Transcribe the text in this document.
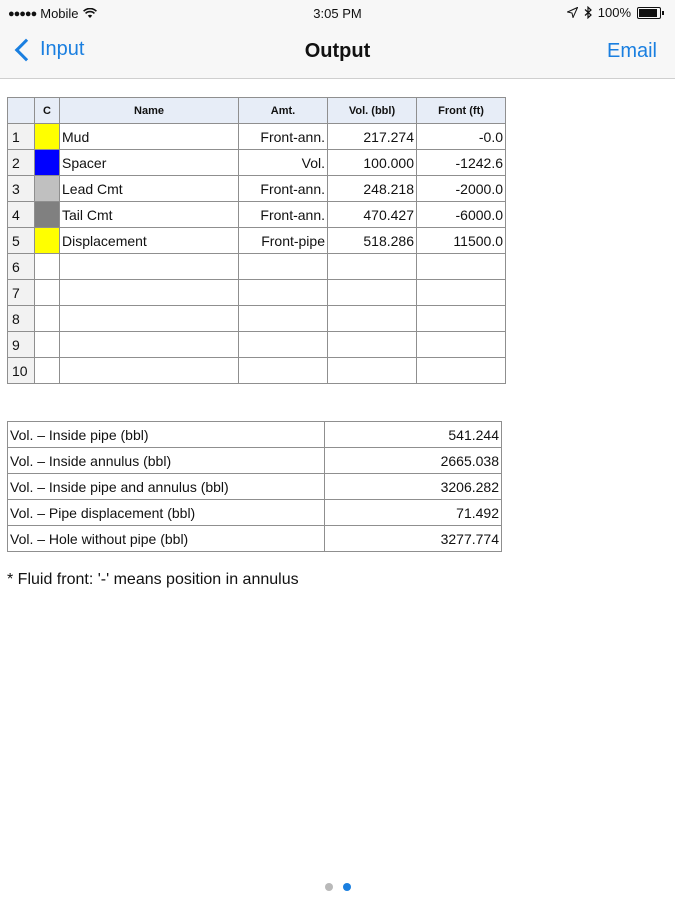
●●●●● Mobile	3:05 PM	100%
Input	Output	Email
	C	Name	Amt.	Vol. (bbl)	Front (ft)
1		Mud	Front-ann.	217.274	-0.0
2		Spacer	Vol.	100.000	-1242.6
3		Lead Cmt	Front-ann.	248.218	-2000.0
4		Tail Cmt	Front-ann.	470.427	-6000.0
5		Displacement	Front-pipe	518.286	11500.0
6	

7	

8	

9	

10	

Vol. – Inside pipe (bbl)	541.244
Vol. – Inside annulus (bbl)	2665.038
Vol. – Inside pipe and annulus (bbl)	3206.282
Vol. – Pipe displacement (bbl)	71.492
Vol. – Hole without pipe (bbl)	3277.774
* Fluid front: '-' means position in annulus
